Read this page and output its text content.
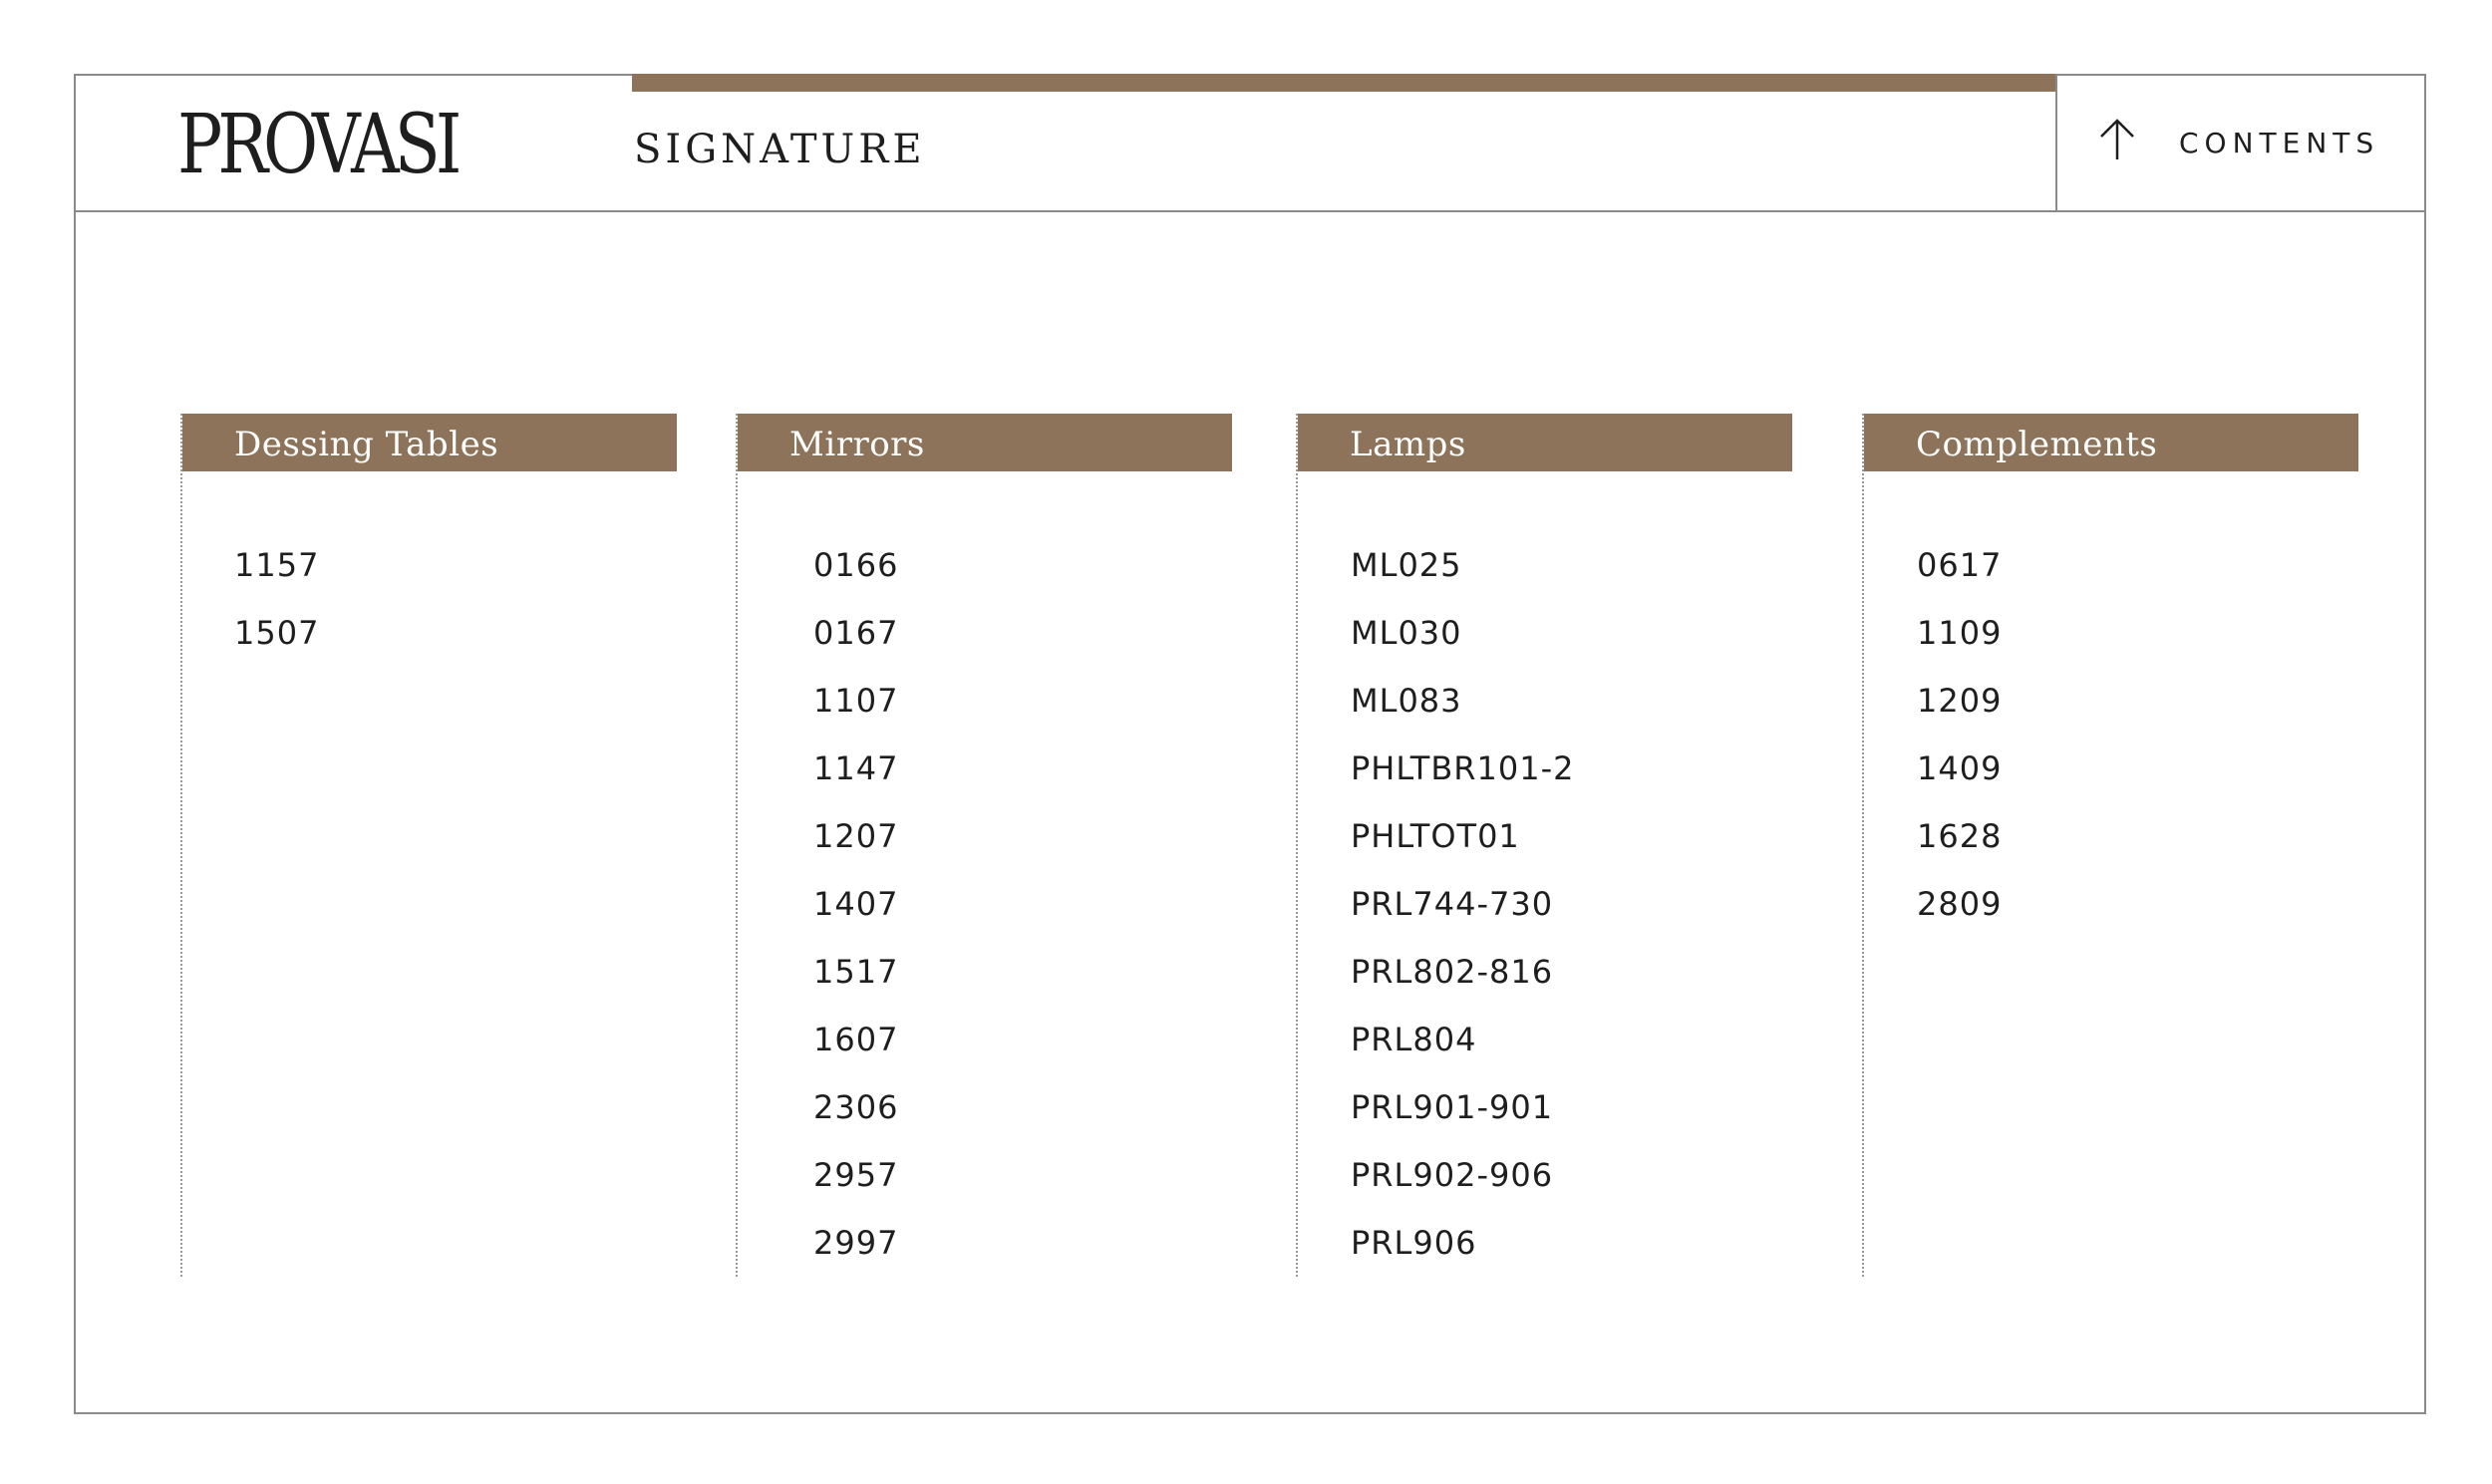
PROVASI	SIGNATURE	CONTENTS
Dessing Tables
1157
1507
Mirrors
0166
0167
1107
1147
1207
1407
1517
1607
2306
2957
2997
Lamps
ML025
ML030
ML083
PHLTBR101-2
PHLTOT01
PRL744-730
PRL802-816
PRL804
PRL901-901
PRL902-906
PRL906
Complements
0617
1109
1209
1409
1628
2809
